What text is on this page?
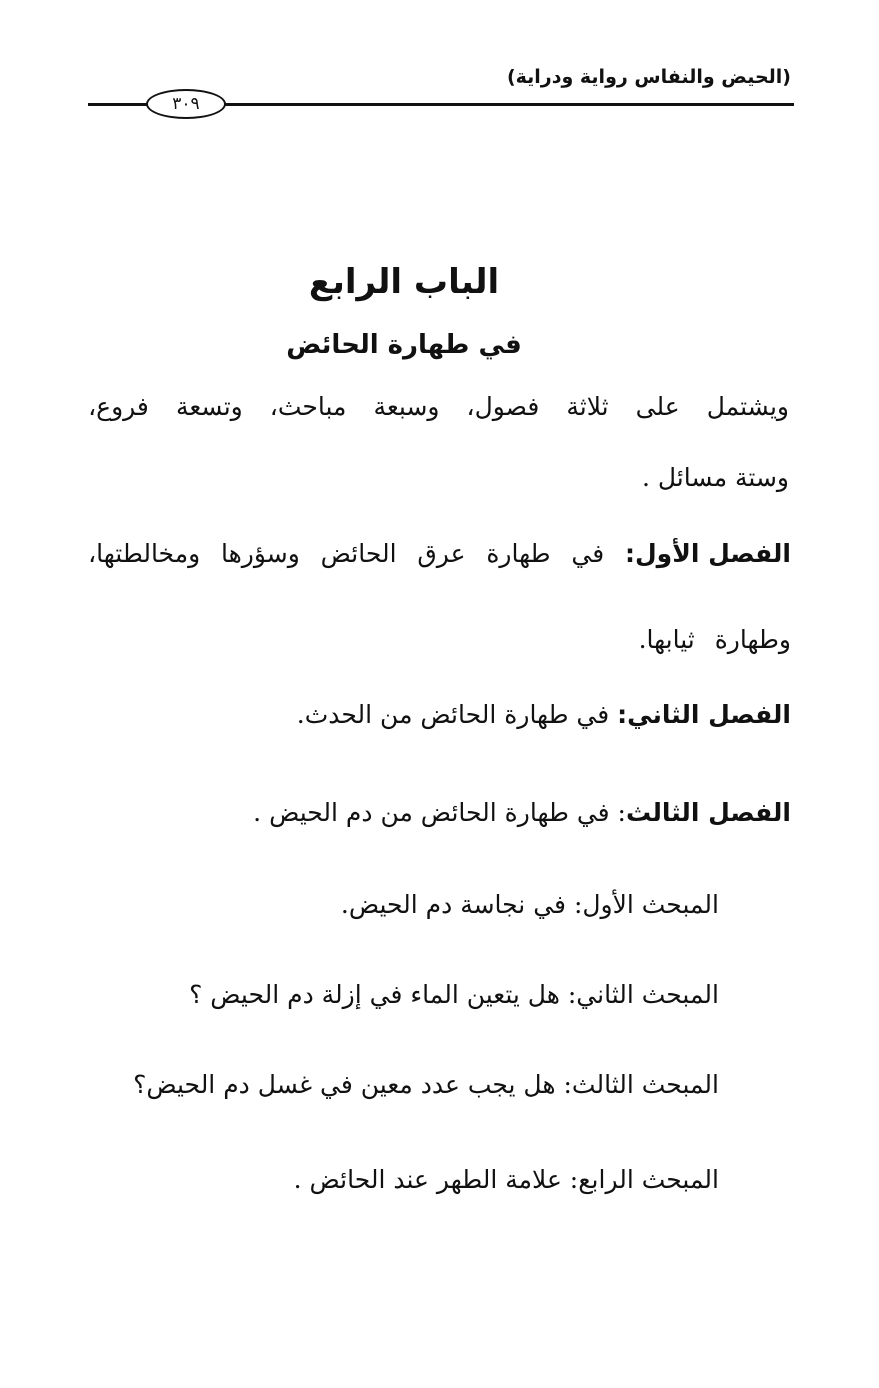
(الحيض والنفاس رواية ودراية)
٣٠٩
الباب الرابع
في طهارة الحائض
ويشتمل
على
ثلاثة
فصول،
وسبعة
مباحث،
وتسعة
فروع،
وستة مسائل .
الفصل الأول:
في
طهارة
عرق
الحائض
وسؤرها
ومخالطتها،
وطهارة ثيابها.
الفصل الثاني: في طهارة الحائض من الحدث.
الفصل الثالث: في طهارة الحائض من دم الحيض .
المبحث الأول: في نجاسة دم الحيض.
المبحث الثاني: هل يتعين الماء في إزلة دم الحيض ؟
المبحث الثالث: هل يجب عدد معين في غسل دم الحيض؟
المبحث الرابع: علامة الطهر عند الحائض .
